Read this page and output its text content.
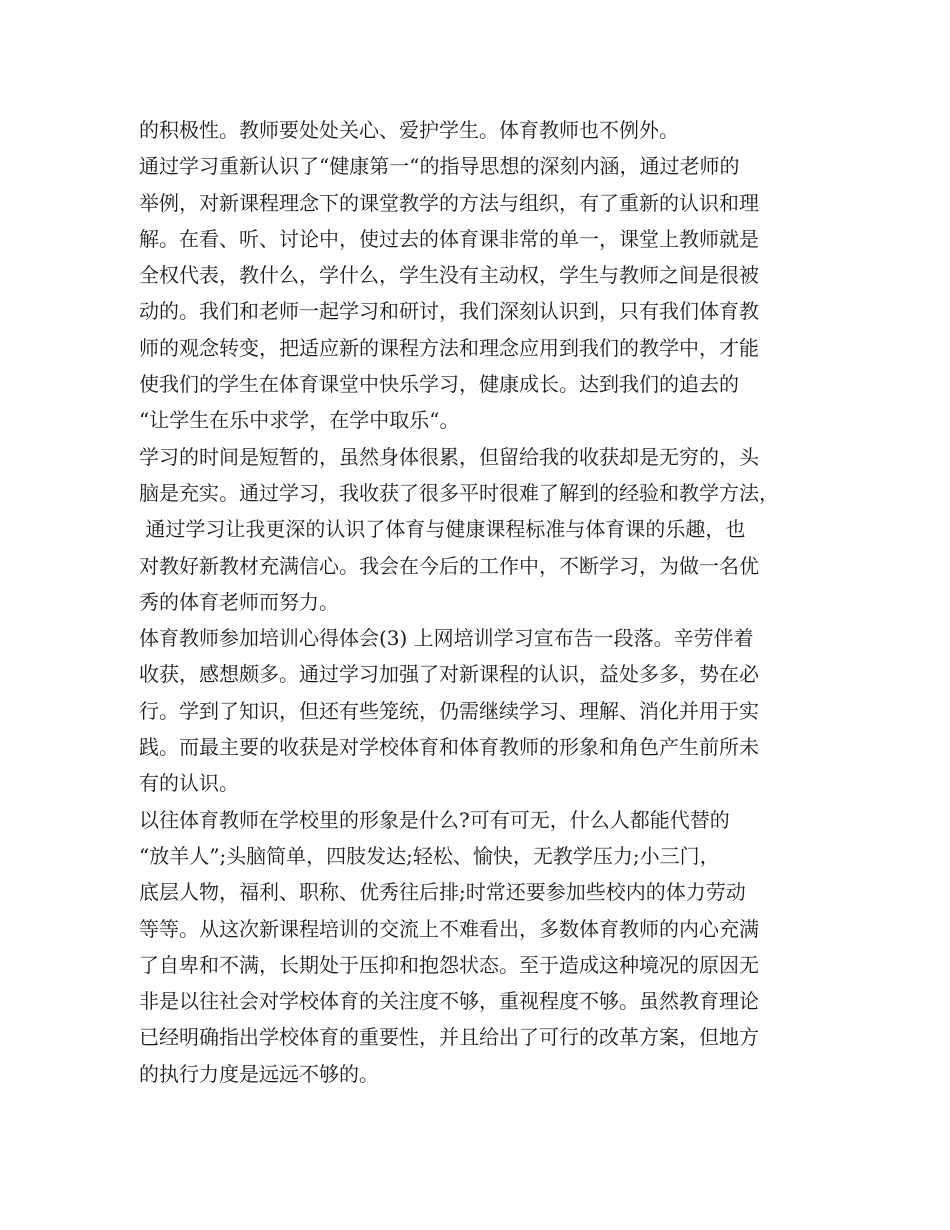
的积极性。教师要处处关心、爱护学生。体育教师也不例外。
通过学习重新认识了“健康第一“的指导思想的深刻内涵，通过老师的
举例，对新课程理念下的课堂教学的方法与组织，有了重新的认识和理
解。在看、听、讨论中，使过去的体育课非常的单一，课堂上教师就是
全权代表，教什么，学什么，学生没有主动权，学生与教师之间是很被
动的。我们和老师一起学习和研讨，我们深刻认识到，只有我们体育教
师的观念转变，把适应新的课程方法和理念应用到我们的教学中，才能
使我们的学生在体育课堂中快乐学习，健康成长。达到我们的追去的
“让学生在乐中求学，在学中取乐“。
学习的时间是短暂的，虽然身体很累，但留给我的收获却是无穷的，头
脑是充实。通过学习，我收获了很多平时很难了解到的经验和教学方法，
通过学习让我更深的认识了体育与健康课程标准与体育课的乐趣，也
对教好新教材充满信心。我会在今后的工作中，不断学习，为做一名优
秀的体育老师而努力。
体育教师参加培训心得体会(3) 上网培训学习宣布告一段落。辛劳伴着
收获，感想颇多。通过学习加强了对新课程的认识，益处多多，势在必
行。学到了知识，但还有些笼统，仍需继续学习、理解、消化并用于实
践。而最主要的收获是对学校体育和体育教师的形象和角色产生前所未
有的认识。
以往体育教师在学校里的形象是什么?可有可无，什么人都能代替的
“放羊人”;头脑简单，四肢发达;轻松、愉快，无教学压力;小三门，
底层人物，福利、职称、优秀往后排;时常还要参加些校内的体力劳动
等等。从这次新课程培训的交流上不难看出，多数体育教师的内心充满
了自卑和不满，长期处于压抑和抱怨状态。至于造成这种境况的原因无
非是以往社会对学校体育的关注度不够，重视程度不够。虽然教育理论
已经明确指出学校体育的重要性，并且给出了可行的改革方案，但地方
的执行力度是远远不够的。
